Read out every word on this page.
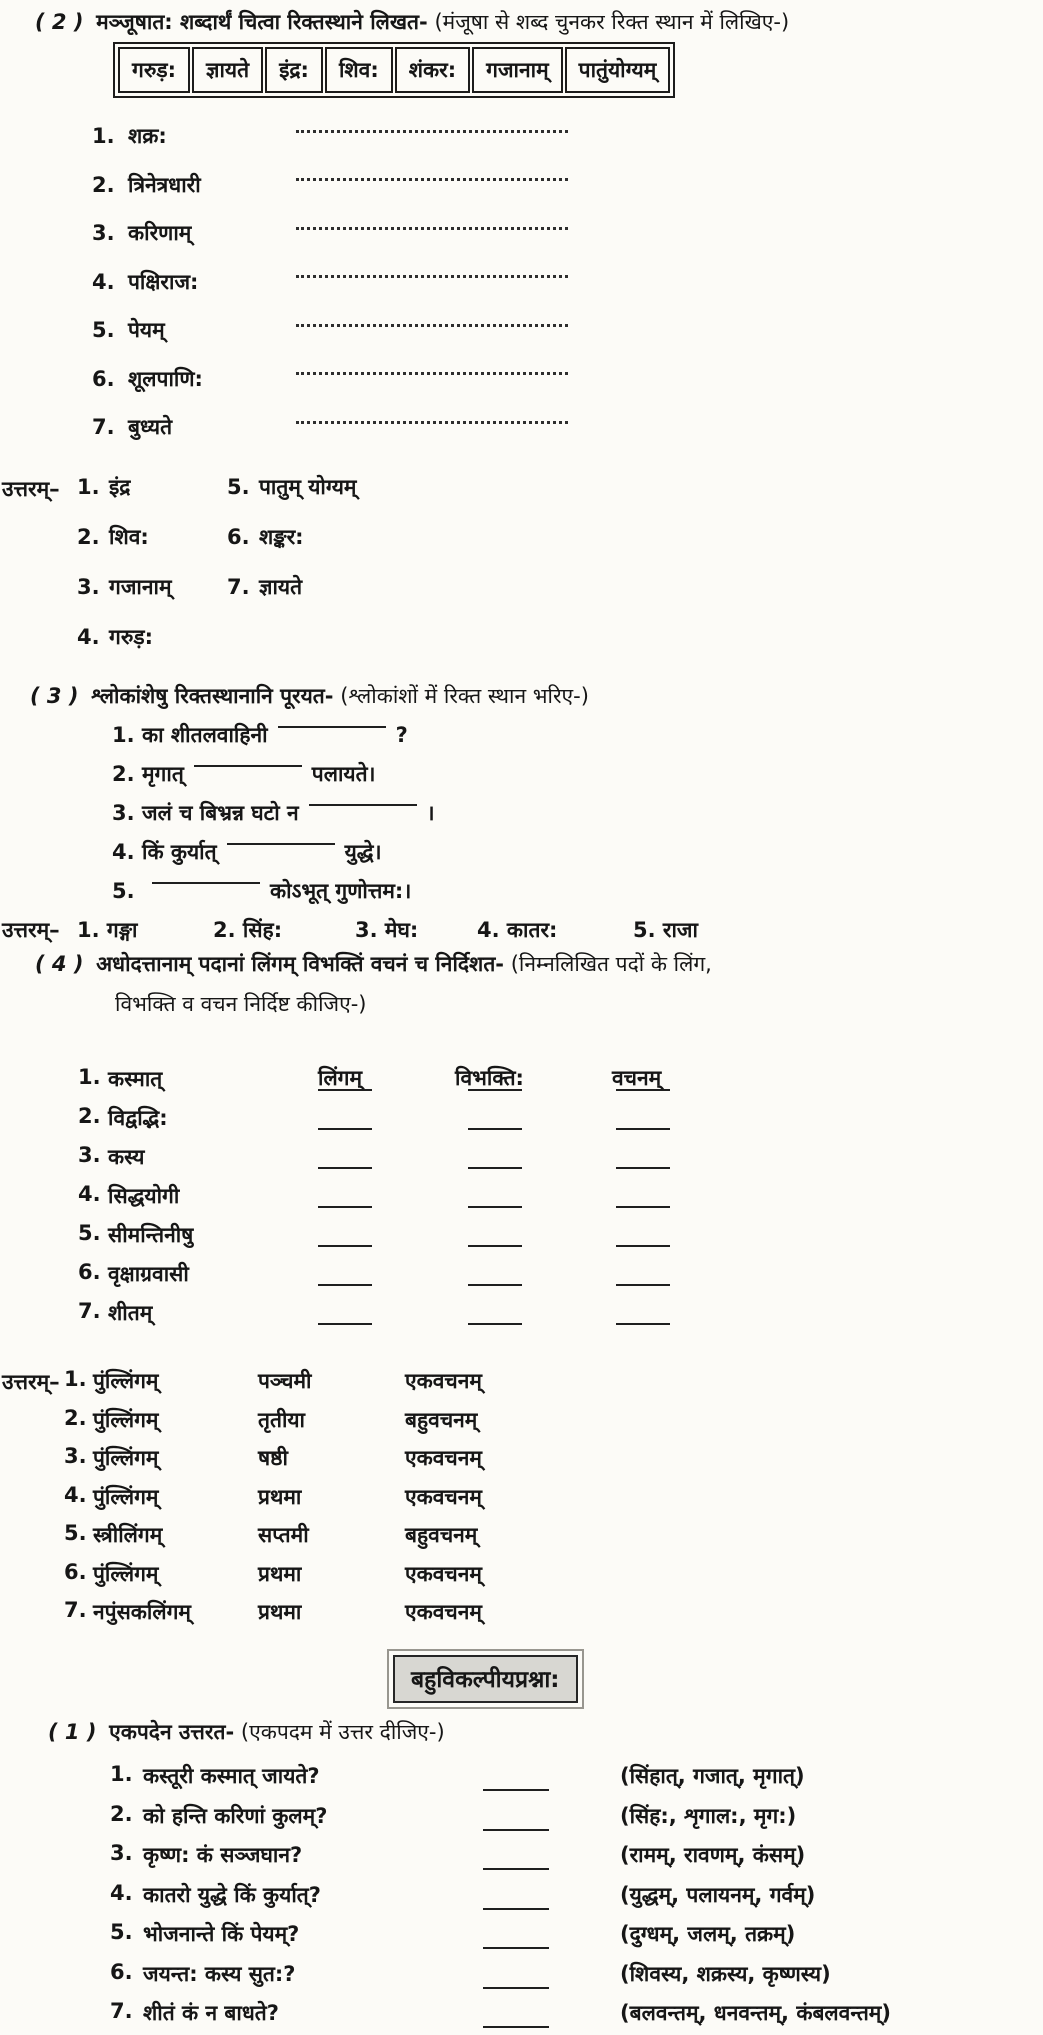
( 2 ) मञ्जूषात: शब्दार्थं चित्वा रिक्तस्थाने लिखत- (मंजूषा से शब्द चुनकर रिक्त स्थान में लिखिए-)
गरुड़:	ज्ञायते	इंद्र:	शिव:	शंकर:	गजानाम्	पातुंयोग्यम्
1. शक्र:
2. त्रिनेत्रधारी
3. करिणाम्
4. पक्षिराज:
5. पेयम्
6. शूलपाणि:
7. बुध्यते
उत्तरम्– 1. इंद्र	5. पातुम् योग्यम्
2. शिव:	6. शङ्कर:
3. गजानाम्	7. ज्ञायते
4. गरुड़:
( 3 ) श्लोकांशेषु रिक्तस्थानानि पूरयत- (श्लोकांशों में रिक्त स्थान भरिए-)
1. का शीतलवाहिनी	?
2. मृगात्	पलायते।
3. जलं च बिभ्रन्न घटो न	।
4. किं कुर्यात्	युद्धे।
5.	कोऽभूत् गुणोत्तम:।
उत्तरम्– 1. गङ्गा	2. सिंह:	3. मेघ:	4. कातर:	5. राजा
( 4 ) अधोदत्तानाम् पदानां लिंगम् विभक्तिं वचनं च निर्दिशत- (निम्नलिखित पदों के लिंग,
विभक्ति व वचन निर्दिष्ट कीजिए-)
लिंगम्	विभक्ति:	वचनम्
1. कस्मात्
2. विद्वद्भि:
3. कस्य
4. सिद्धयोगी
5. सीमन्तिनीषु
6. वृक्षाग्रवासी
7. शीतम्
उत्तरम्– 1. पुंल्लिंगम्	पञ्चमी	एकवचनम्
2. पुंल्लिंगम्	तृतीया	बहुवचनम्
3. पुंल्लिंगम्	षष्ठी	एकवचनम्
4. पुंल्लिंगम्	प्रथमा	एकवचनम्
5. स्त्रीलिंगम्	सप्तमी	बहुवचनम्
6. पुंल्लिंगम्	प्रथमा	एकवचनम्
7. नपुंसकलिंगम्	प्रथमा	एकवचनम्
बहुविकल्पीयप्रश्ना:
( 1 ) एकपदेन उत्तरत- (एकपदम में उत्तर दीजिए-)
1. कस्तूरी कस्मात् जायते?	(सिंहात्, गजात्, मृगात्)
2. को हन्ति करिणां कुलम्?	(सिंह:, शृगाल:, मृग:)
3. कृष्ण: कं सञ्जघान?	(रामम्, रावणम्, कंसम्)
4. कातरो युद्धे किं कुर्यात्?	(युद्धम्, पलायनम्, गर्वम्)
5. भोजनान्ते किं पेयम्?	(दुग्धम्, जलम्, तक्रम्)
6. जयन्त: कस्य सुत:?	(शिवस्य, शक्रस्य, कृष्णस्य)
7. शीतं कं न बाधते?	(बलवन्तम्, धनवन्तम्, कंबलवन्तम्)
